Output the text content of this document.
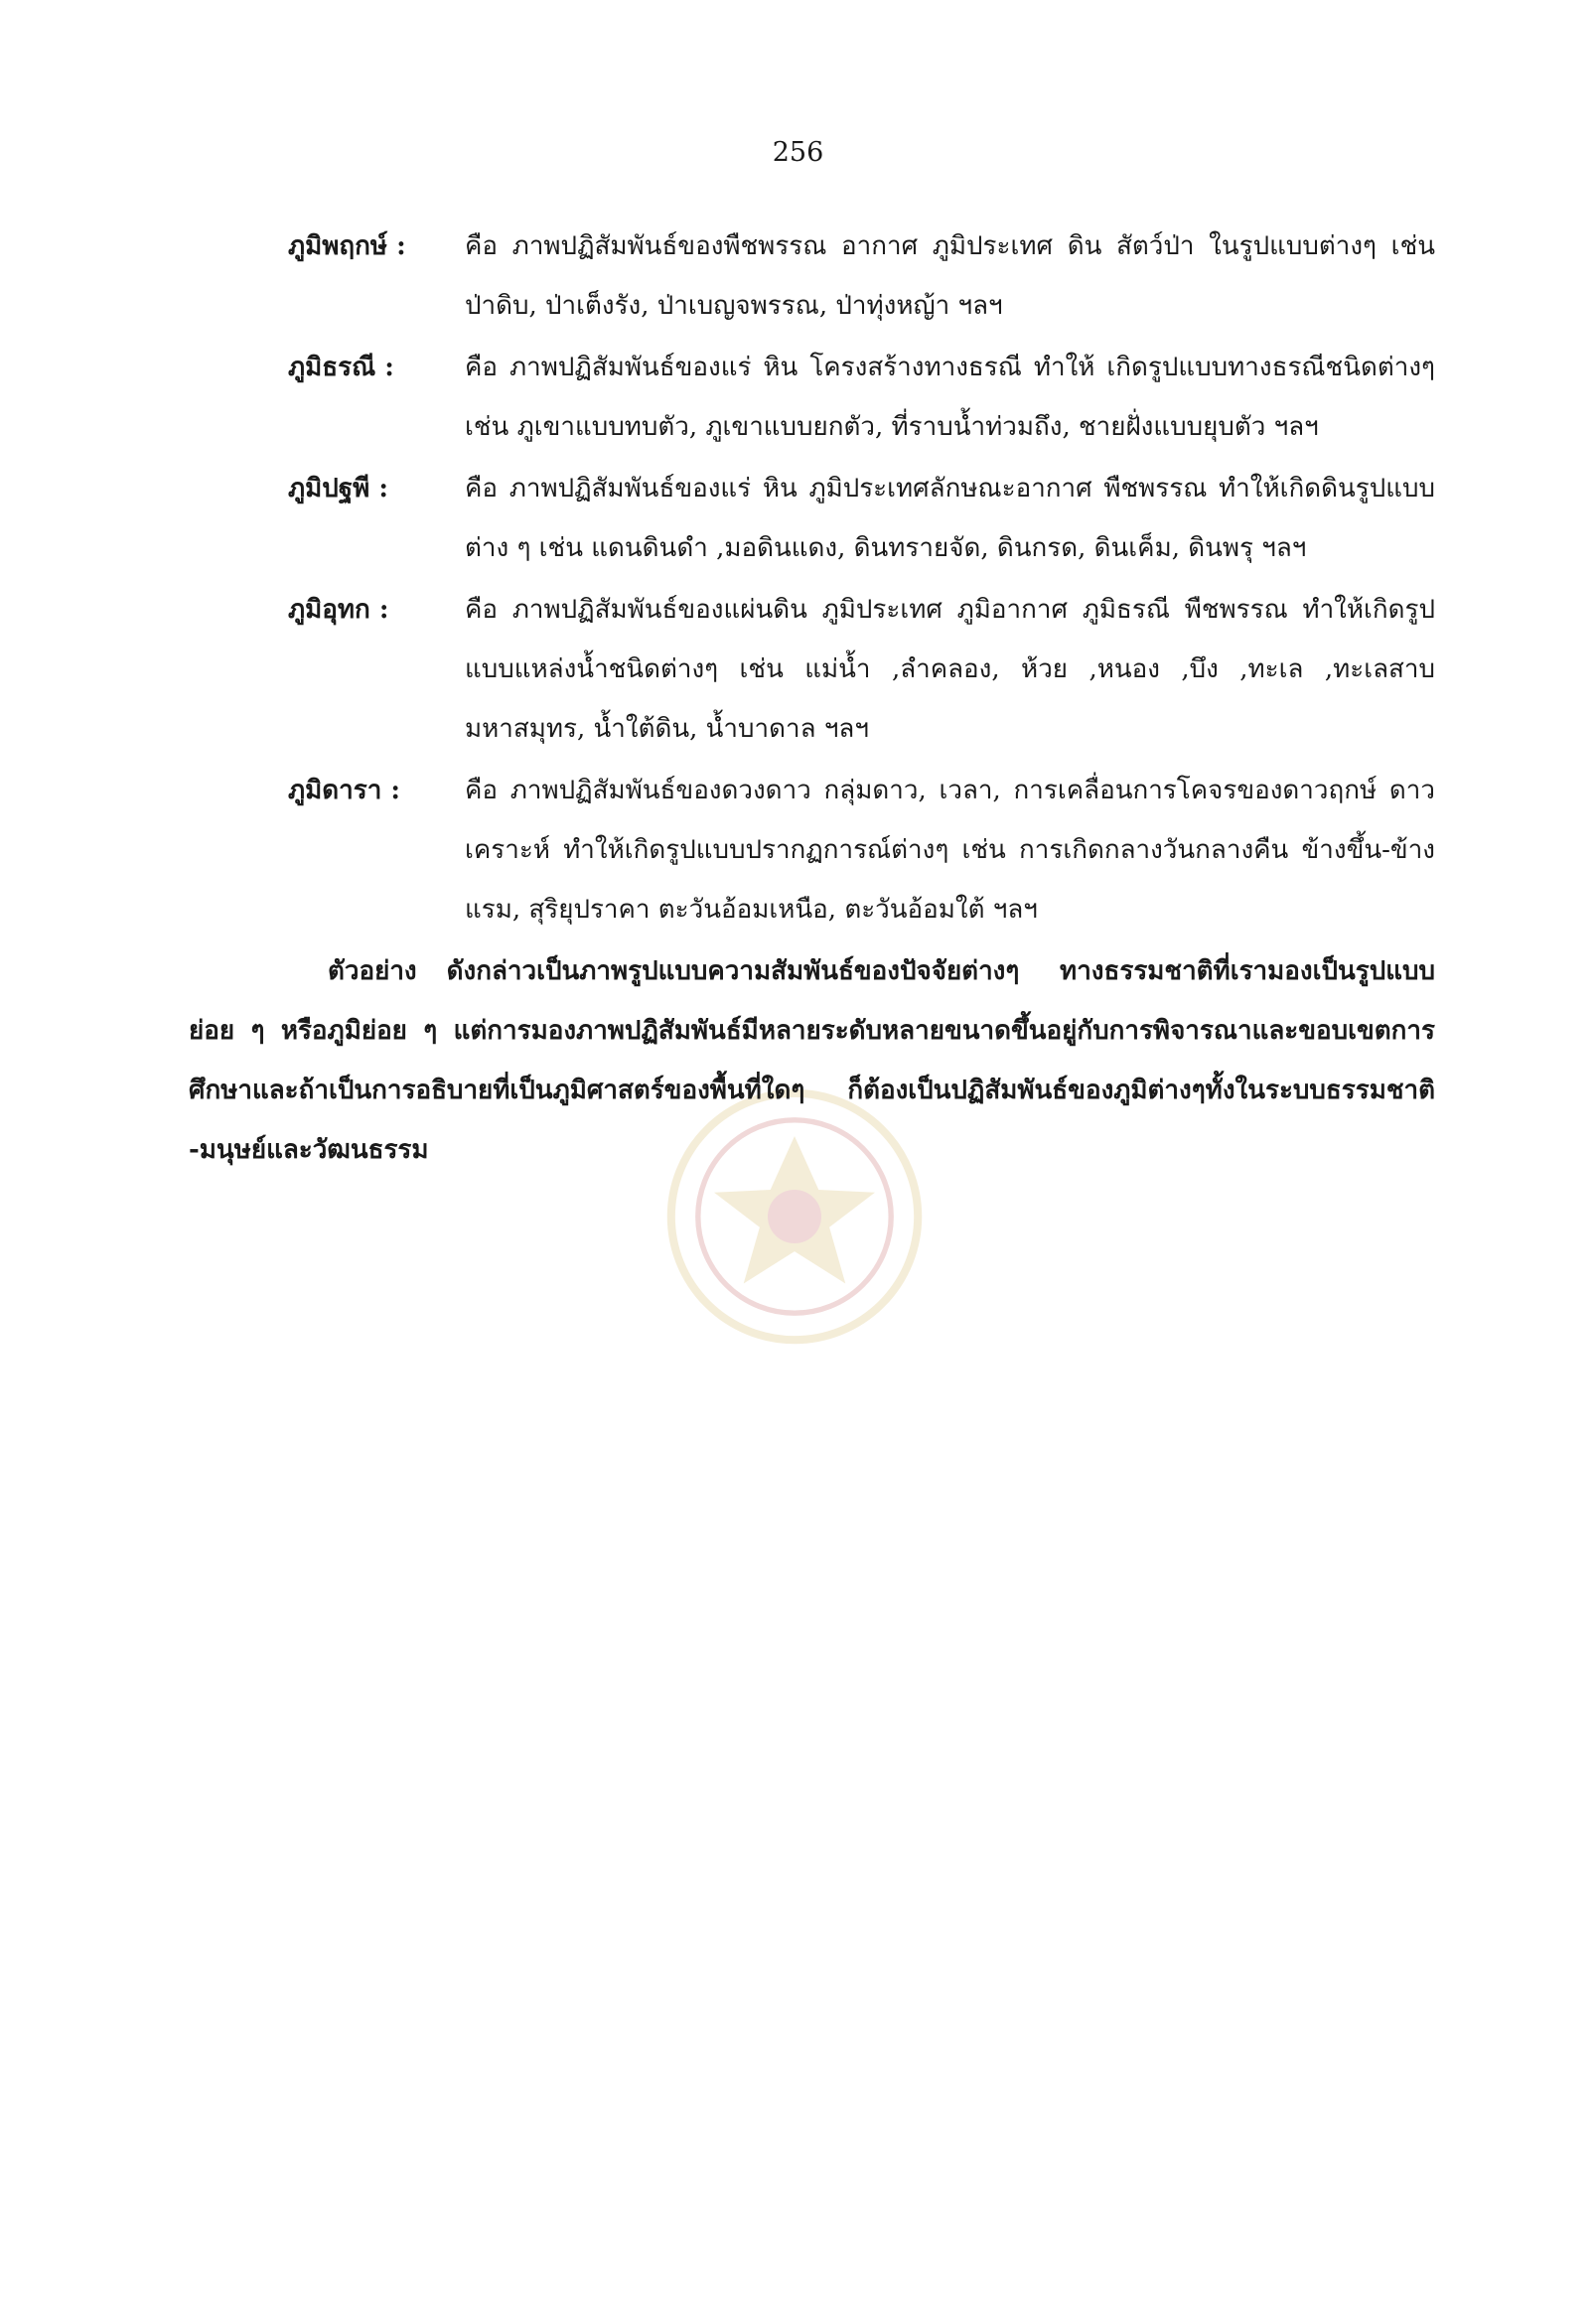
256
ภูมิพฤกษ์ :	คือ ภาพปฏิสัมพันธ์ของพืชพรรณ อากาศ ภูมิประเทศ ดิน สัตว์ป่า ในรูปแบบต่างๆ เช่น ป่าดิบ, ป่าเต็งรัง, ป่าเบญจพรรณ, ป่าทุ่งหญ้า ฯลฯ
ภูมิธรณี :	คือ ภาพปฏิสัมพันธ์ของแร่ หิน โครงสร้างทางธรณี ทำให้ เกิดรูปแบบทางธรณีชนิดต่างๆ เช่น ภูเขาแบบทบตัว, ภูเขาแบบยกตัว, ที่ราบน้ำท่วมถึง, ชายฝั่งแบบยุบตัว ฯลฯ
ภูมิปฐพี :	คือ ภาพปฏิสัมพันธ์ของแร่ หิน ภูมิประเทศลักษณะอากาศ พืชพรรณ ทำให้เกิดดินรูปแบบต่าง ๆ เช่น แดนดินดำ ,มอดินแดง, ดินทรายจัด, ดินกรด, ดินเค็ม, ดินพรุ ฯลฯ
ภูมิอุทก :	คือ ภาพปฏิสัมพันธ์ของแผ่นดิน ภูมิประเทศ ภูมิอากาศ ภูมิธรณี พืชพรรณ ทำให้เกิดรูปแบบแหล่งน้ำชนิดต่างๆ เช่น แม่น้ำ ,ลำคลอง, ห้วย ,หนอง ,บึง ,ทะเล ,ทะเลสาบ มหาสมุทร, น้ำใต้ดิน, น้ำบาดาล ฯลฯ
ภูมิดารา :	คือ ภาพปฏิสัมพันธ์ของดวงดาว กลุ่มดาว, เวลา, การเคลื่อนการโคจรของดาวฤกษ์ ดาวเคราะห์ ทำให้เกิดรูปแบบปรากฏการณ์ต่างๆ เช่น การเกิดกลางวันกลางคืน ข้างขึ้น-ข้างแรม, สุริยุปราคา ตะวันอ้อมเหนือ, ตะวันอ้อมใต้ ฯลฯ

ตัวอย่าง ดังกล่าวเป็นภาพรูปแบบความสัมพันธ์ของปัจจัยต่างๆ ทางธรรมชาติที่เรามองเป็นรูปแบบย่อย ๆ หรือภูมิย่อย ๆ แต่การมองภาพปฏิสัมพันธ์มีหลายระดับหลายขนาดขึ้นอยู่กับการพิจารณาและขอบเขตการศึกษาและถ้าเป็นการอธิบายที่เป็นภูมิศาสตร์ของพื้นที่ใดๆ ก็ต้องเป็นปฏิสัมพันธ์ของภูมิต่างๆทั้งในระบบธรรมชาติ -มนุษย์และวัฒนธรรม
